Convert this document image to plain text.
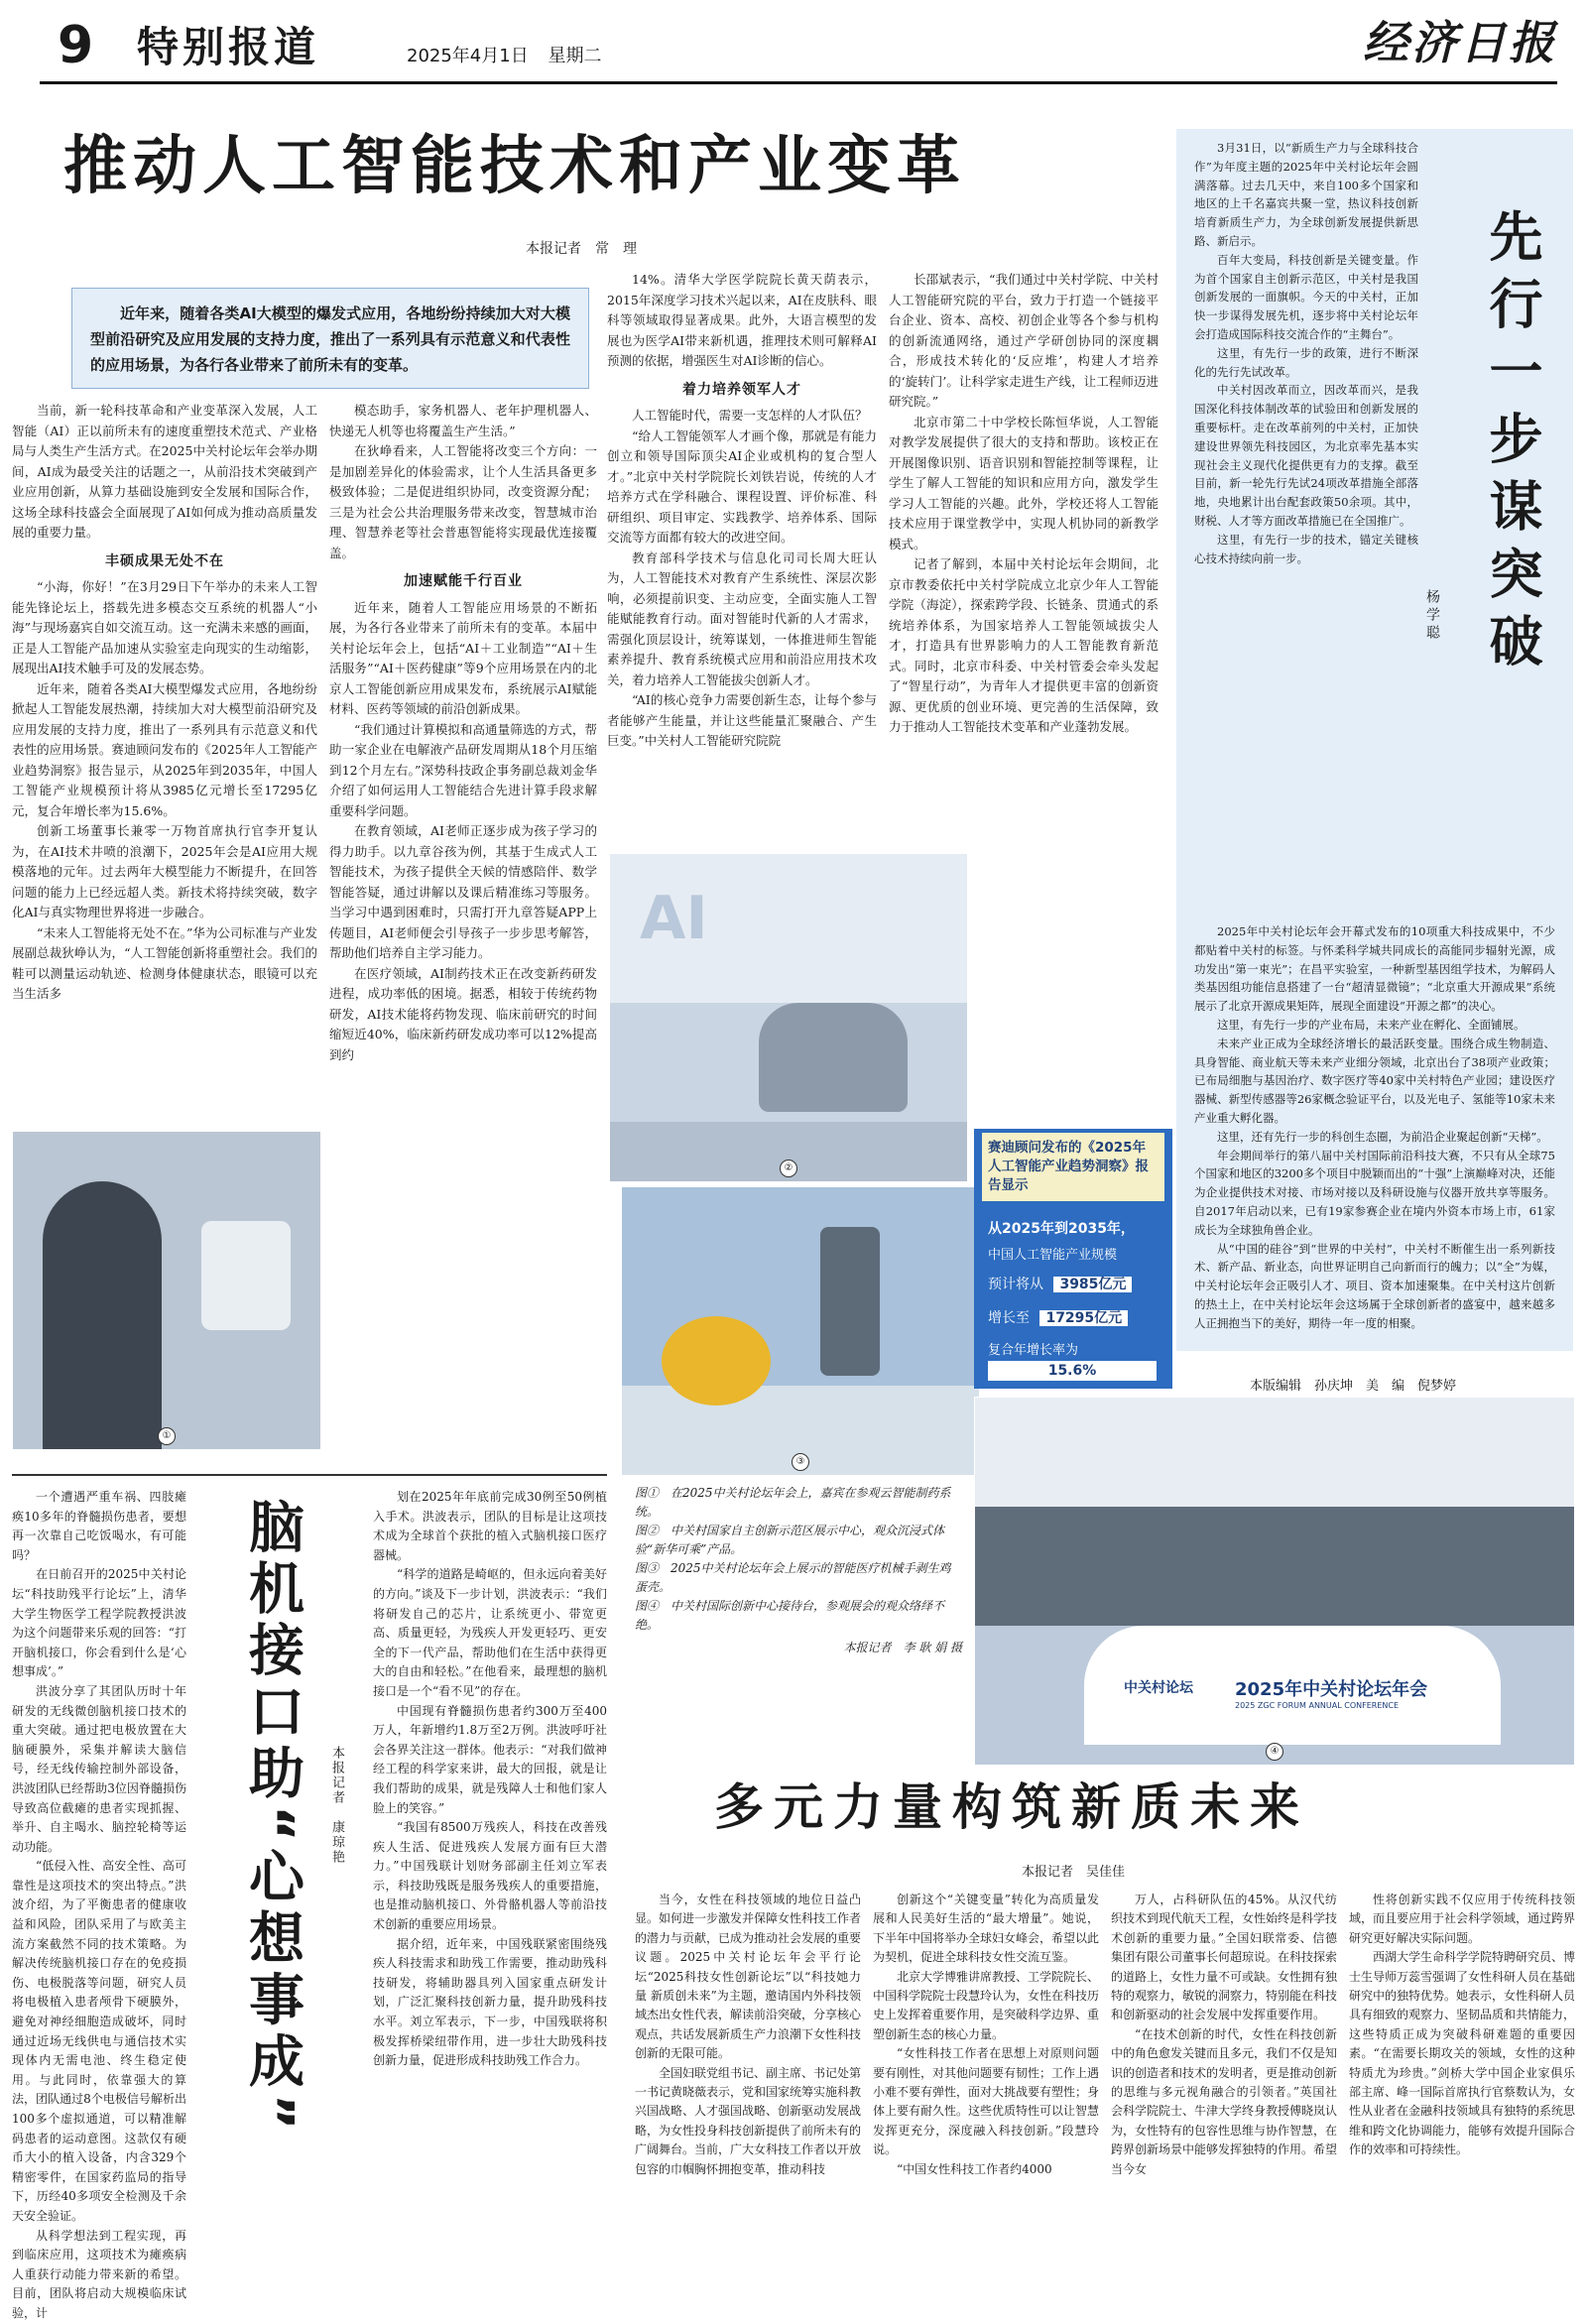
9 特别报道	2025年4月1日 星期二	经济日报
推动人工智能技术和产业变革
本报记者　常　理
近年来，随着各类AI大模型的爆发式应用，各地纷纷持续加大对大模型前沿研究及应用发展的支持力度，推出了一系列具有示范意义和代表性的应用场景，为各行各业带来了前所未有的变革。

当前，新一轮科技革命和产业变革深入发展，人工智能（AI）正以前所未有的速度重塑技术范式、产业格局与人类生产生活方式。在2025中关村论坛年会举办期间，AI成为最受关注的话题之一，从前沿技术突破到产业应用创新，从算力基础设施到安全发展和国际合作，这场全球科技盛会全面展现了AI如何成为推动高质量发展的重要力量。

丰硕成果无处不在

“小海，你好！”在3月29日下午举办的未来人工智能先锋论坛上，搭载先进多模态交互系统的机器人“小海”与现场嘉宾自如交流互动。这一充满未来感的画面，正是人工智能产品加速从实验室走向现实的生动缩影，展现出AI技术触手可及的发展态势。

近年来，随着各类AI大模型爆发式应用，各地纷纷掀起人工智能发展热潮，持续加大对大模型前沿研究及应用发展的支持力度，推出了一系列具有示范意义和代表性的应用场景。赛迪顾问发布的《2025年人工智能产业趋势洞察》报告显示，从2025年到2035年，中国人工智能产业规模预计将从3985亿元增长至17295亿元，复合年增长率为15.6%。

创新工场董事长兼零一万物首席执行官李开复认为，在AI技术井喷的浪潮下，2025年会是AI应用大规模落地的元年。过去两年大模型能力不断提升，在回答问题的能力上已经远超人类。新技术将持续突破，数字化AI与真实物理世界将进一步融合。

“未来人工智能将无处不在。”华为公司标准与产业发展副总裁狄峥认为，“人工智能创新将重塑社会。我们的鞋可以测量运动轨迹、检测身体健康状态，眼镜可以充当生活多

模态助手，家务机器人、老年护理机器人、快递无人机等也将覆盖生产生活。”

在狄峥看来，人工智能将改变三个方向：一是加剧差异化的体验需求，让个人生活具备更多极致体验；二是促进组织协同，改变资源分配；三是为社会公共治理服务带来改变，智慧城市治理、智慧养老等社会普惠智能将实现最优连接覆盖。

加速赋能千行百业

近年来，随着人工智能应用场景的不断拓展，为各行各业带来了前所未有的变革。本届中关村论坛年会上，包括“AI＋工业制造”“AI＋生活服务”“AI＋医药健康”等9个应用场景在内的北京人工智能创新应用成果发布，系统展示AI赋能材料、医药等领域的前沿创新成果。

“我们通过计算模拟和高通量筛选的方式，帮助一家企业在电解液产品研发周期从18个月压缩到12个月左右。”深势科技政企事务副总裁刘金华介绍了如何运用人工智能结合先进计算手段求解重要科学问题。

在教育领域，AI老师正逐步成为孩子学习的得力助手。以九章谷孩为例，其基于生成式人工智能技术，为孩子提供全天候的情感陪伴、数学智能答疑，通过讲解以及课后精准练习等服务。当学习中遇到困难时，只需打开九章答疑APP上传题目，AI老师便会引导孩子一步步思考解答，帮助他们培养自主学习能力。

在医疗领域，AI制药技术正在改变新药研发进程，成功率低的困境。据悉，相较于传统药物研发，AI技术能将药物发现、临床前研究的时间缩短近40%，临床新药研发成功率可以12%提高到约

14%。清华大学医学院院长黄天荫表示，2015年深度学习技术兴起以来，AI在皮肤科、眼科等领域取得显著成果。此外，大语言模型的发展也为医学AI带来新机遇，推理技术则可解释AI预测的依据，增强医生对AI诊断的信心。

着力培养领军人才

人工智能时代，需要一支怎样的人才队伍？

“给人工智能领军人才画个像，那就是有能力创立和领导国际顶尖AI企业或机构的复合型人才。”北京中关村学院院长刘铁岩说，传统的人才培养方式在学科融合、课程设置、评价标准、科研组织、项目审定、实践教学、培养体系、国际交流等方面都有较大的改进空间。

教育部科学技术与信息化司司长周大旺认为，人工智能技术对教育产生系统性、深层次影响，必须提前识变、主动应变，全面实施人工智能赋能教育行动。面对智能时代新的人才需求，需强化顶层设计，统筹谋划，一体推进师生智能素养提升、教育系统模式应用和前沿应用技术攻关，着力培养人工智能拔尖创新人才。

“AI的核心竞争力需要创新生态，让每个参与者能够产生能量，并让这些能量汇聚融合、产生巨变。”中关村人工智能研究院院

长邵斌表示，“我们通过中关村学院、中关村人工智能研究院的平台，致力于打造一个链接平台企业、资本、高校、初创企业等各个参与机构的创新流通网络，通过产学研创协同的深度耦合，形成技术转化的‘反应堆’，构建人才培养的‘旋转门’。让科学家走进生产线，让工程师迈进研究院。”

北京市第二十中学校长陈恒华说，人工智能对教学发展提供了很大的支持和帮助。该校正在开展图像识别、语音识别和智能控制等课程，让学生了解人工智能的知识和应用方向，激发学生学习人工智能的兴趣。此外，学校还将人工智能技术应用于课堂教学中，实现人机协同的新教学模式。

记者了解到，本届中关村论坛年会期间，北京市教委依托中关村学院成立北京少年人工智能学院（海淀），探索跨学段、长链条、贯通式的系统培养体系，为国家培养人工智能领域拔尖人才，打造具有世界影响力的人工智能教育新范式。同时，北京市科委、中关村管委会牵头发起了“智星行动”，为青年人才提供更丰富的创新资源、更优质的创业环境、更完善的生活保障，致力于推动人工智能技术变革和产业蓬勃发展。

先行一步谋突破
杨学聪

3月31日，以“新质生产力与全球科技合作”为年度主题的2025年中关村论坛年会圆满落幕。过去几天中，来自100多个国家和地区的上千名嘉宾共聚一堂，热议科技创新培育新质生产力，为全球创新发展提供新思路、新启示。

百年大变局，科技创新是关键变量。作为首个国家自主创新示范区，中关村是我国创新发展的一面旗帜。今天的中关村，正加快一步谋得发展先机，逐步将中关村论坛年会打造成国际科技交流合作的“主舞台”。

这里，有先行一步的政策，进行不断深化的先行先试改革。

中关村因改革而立，因改革而兴，是我国深化科技体制改革的试验田和创新发展的重要标杆。走在改革前列的中关村，正加快建设世界领先科技园区，为北京率先基本实现社会主义现代化提供更有力的支撑。截至目前，新一轮先行先试24项改革措施全部落地，央地累计出台配套政策50余项。其中，财税、人才等方面改革措施已在全国推广。

这里，有先行一步的技术，锚定关键核心技术持续向前一步。

2025年中关村论坛年会开幕式发布的10项重大科技成果中，不少都贴着中关村的标签。与怀柔科学城共同成长的高能同步辐射光源，成功发出“第一束光”；在昌平实验室，一种新型基因组学技术，为解码人类基因组功能信息搭建了一台“超清显微镜”；“北京重大开源成果”系统展示了北京开源成果矩阵，展现全面建设“开源之都”的决心。

这里，有先行一步的产业布局，未来产业在孵化、全面铺展。

未来产业正成为全球经济增长的最活跃变量。围绕合成生物制造、具身智能、商业航天等未来产业细分领域，北京出台了38项产业政策；已布局细胞与基因治疗、数字医疗等40家中关村特色产业园；建设医疗器械、新型传感器等26家概念验证平台，以及光电子、氢能等10家未来产业重大孵化器。

这里，还有先行一步的科创生态圈，为前沿企业聚起创新“天梯”。

年会期间举行的第八届中关村国际前沿科技大赛，不只有从全球75个国家和地区的3200多个项目中脱颖而出的“十强”上演巅峰对决，还能为企业提供技术对接、市场对接以及科研设施与仪器开放共享等服务。自2017年启动以来，已有19家参赛企业在境内外资本市场上市，61家成长为全球独角兽企业。

从“中国的硅谷”到“世界的中关村”，中关村不断催生出一系列新技术、新产品、新业态，向世界证明自己向新而行的魄力；以“全”为媒，中关村论坛年会正吸引人才、项目、资本加速聚集。在中关村这片创新的热土上，在中关村论坛年会这场属于全球创新者的盛宴中，越来越多人正拥抱当下的美好，期待一年一度的相聚。

本版编辑　孙庆坤　美　编　倪梦婷
AI
②
①
③
中关村论坛 2025年中关村论坛年会
2025 ZGC FORUM ANNUAL CONFERENCE
④
赛迪顾问发布的《2025年人工智能产业趋势洞察》报告显示
从2025年到2035年，
中国人工智能产业规模
预计将从 3985亿元
增长至 17295亿元
复合年增长率为
15.6%
图①　在2025中关村论坛年会上，嘉宾在参观云智能制药系统。
图②　中关村国家自主创新示范区展示中心，观众沉浸式体验“新华可乘”产品。
图③　2025中关村论坛年会上展示的智能医疗机械手剥生鸡蛋壳。
图④　中关村国际创新中心接待台，参观展会的观众络绎不绝。
本报记者　李 耿 娟 摄

一个遭遇严重车祸、四肢瘫痪10多年的脊髓损伤患者，要想再一次靠自己吃饭喝水，有可能吗？

在日前召开的2025中关村论坛“科技助残平行论坛”上，清华大学生物医学工程学院教授洪波为这个问题带来乐观的回答：“打开脑机接口，你会看到什么是‘心想事成’。”

洪波分享了其团队历时十年研发的无线微创脑机接口技术的重大突破。通过把电极放置在大脑硬膜外，采集并解读大脑信号，经无线传输控制外部设备，洪波团队已经帮助3位因脊髓损伤导致高位截瘫的患者实现抓握、举升、自主喝水、脑控轮椅等运动功能。

“低侵入性、高安全性、高可靠性是这项技术的突出特点。”洪波介绍，为了平衡患者的健康收益和风险，团队采用了与欧美主流方案截然不同的技术策略。为解决传统脑机接口存在的免疫损伤、电极脱落等问题，研究人员将电极植入患者颅骨下硬膜外，避免对神经细胞造成破坏，同时通过近场无线供电与通信技术实现体内无需电池、终生稳定使用。与此同时，依靠强大的算法，团队通过8个电极信号解析出100多个虚拟通道，可以精准解码患者的运动意图。这款仅有硬币大小的植入设备，内含329个精密零件，在国家药监局的指导下，历经40多项安全检测及千余天安全验证。

从科学想法到工程实现，再到临床应用，这项技术为瘫痪病人重获行动能力带来新的希望。目前，团队将启动大规模临床试验，计

脑机接口助“心想事成”	本报记者　康琼艳

划在2025年年底前完成30例至50例植入手术。洪波表示，团队的目标是让这项技术成为全球首个获批的植入式脑机接口医疗器械。

“科学的道路是崎岖的，但永远向着美好的方向。”谈及下一步计划，洪波表示：“我们将研发自己的芯片，让系统更小、带宽更高、质量更轻，为残疾人开发更轻巧、更安全的下一代产品，帮助他们在生活中获得更大的自由和轻松。”在他看来，最理想的脑机接口是一个“看不见”的存在。

中国现有脊髓损伤患者约300万至400万人，年新增约1.8万至2万例。洪波呼吁社会各界关注这一群体。他表示：“对我们做神经工程的科学家来讲，最大的回报，就是让我们帮助的成果，就是残障人士和他们家人脸上的笑容。”

“我国有8500万残疾人，科技在改善残疾人生活、促进残疾人发展方面有巨大潜力。”中国残联计划财务部副主任刘立军表示，科技助残既是服务残疾人的重要措施，也是推动脑机接口、外骨骼机器人等前沿技术创新的重要应用场景。

据介绍，近年来，中国残联紧密围绕残疾人科技需求和助残工作需要，推动助残科技研发，将辅助器具列入国家重点研发计划，广泛汇聚科技创新力量，提升助残科技水平。刘立军表示，下一步，中国残联将积极发挥桥梁纽带作用，进一步壮大助残科技创新力量，促进形成科技助残工作合力。

多元力量构筑新质未来
本报记者　吴佳佳

当今，女性在科技领域的地位日益凸显。如何进一步激发并保障女性科技工作者的潜力与贡献，已成为推动社会发展的重要议题。2025中关村论坛年会平行论坛“2025科技女性创新论坛”以“科技她力量 新质创未来”为主题，邀请国内外科技领域杰出女性代表，解读前沿突破，分享核心观点，共话发展新质生产力浪潮下女性科技创新的无限可能。

全国妇联党组书记、副主席、书记处第一书记黄晓薇表示，党和国家统筹实施科教兴国战略、人才强国战略、创新驱动发展战略，为女性投身科技创新提供了前所未有的广阔舞台。当前，广大女科技工作者以开放包容的巾帼胸怀拥抱变革，推动科技

创新这个“关键变量”转化为高质量发展和人民美好生活的“最大增量”。她说，下半年中国将举办全球妇女峰会，希望以此为契机，促进全球科技女性交流互鉴。

北京大学博雅讲席教授、工学院院长、中国科学院院士段慧玲认为，女性在科技历史上发挥着重要作用，是突破科学边界、重塑创新生态的核心力量。

“女性科技工作者在思想上对原则问题要有刚性，对其他问题要有韧性；工作上遇小难不要有弹性，面对大挑战要有塑性；身体上要有耐久性。这些优质特性可以让智慧发挥更充分，深度融入科技创新。”段慧玲说。

“中国女性科技工作者约4000

万人，占科研队伍的45%。从汉代纺织技术到现代航天工程，女性始终是科学技术创新的重要力量。”全国妇联常委、信德集团有限公司董事长何超琼说。在科技探索的道路上，女性力量不可或缺。女性拥有独特的观察力，敏锐的洞察力，特别能在科技和创新驱动的社会发展中发挥重要作用。

“在技术创新的时代，女性在科技创新中的角色愈发关键而且多元，我们不仅是知识的创造者和技术的发明者，更是推动创新的思维与多元视角融合的引领者。”英国社会科学院院士、牛津大学终身教授傅晓岚认为，女性特有的包容性思维与协作智慧，在跨界创新场景中能够发挥独特的作用。希望当今女

性将创新实践不仅应用于传统科技领域，而且要应用于社会科学领域，通过跨界研究更好解决实际问题。

西湖大学生命科学学院特聘研究员、博士生导师万蕊雪强调了女性科研人员在基础研究中的独特优势。她表示，女性科研人员具有细致的观察力、坚韧品质和共情能力，这些特质正成为突破科研难题的重要因素。“在需要长期攻关的领域，女性的这种特质尤为珍贵。”剑桥大学中国企业家俱乐部主席、峰一国际首席执行官蔡数认为，女性从业者在金融科技领域具有独特的系统思维和跨文化协调能力，能够有效提升国际合作的效率和可持续性。
